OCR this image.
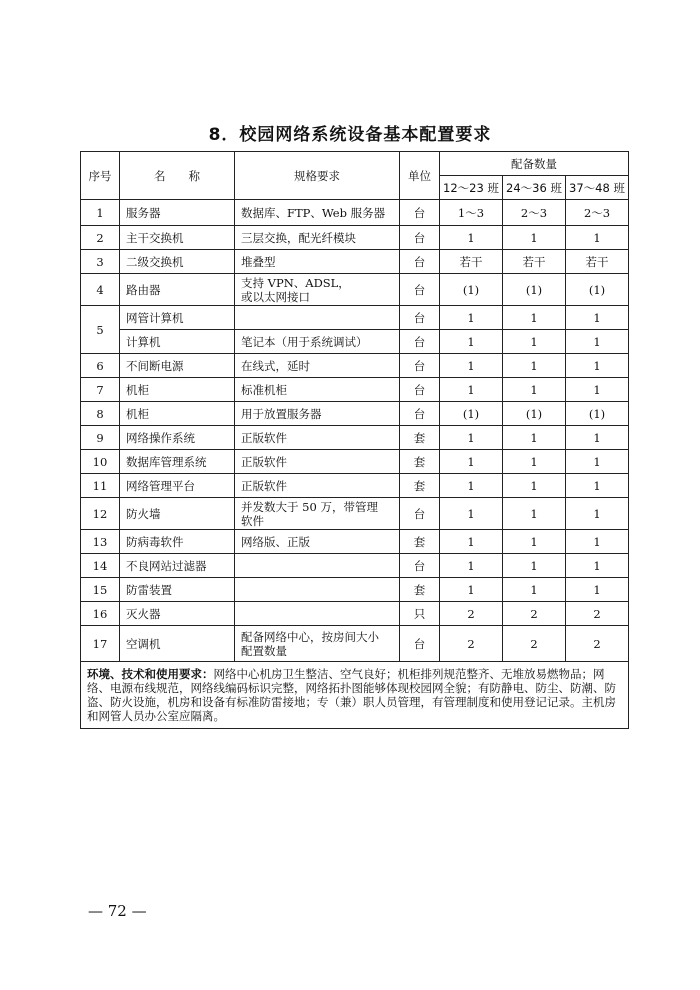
8．校园网络系统设备基本配置要求
序号	名　　称	规格要求	单位	配备数量		
				12～23 班	24～36 班	37～48 班
1	服务器	数据库、FTP、Web 服务器	台	1～3	2～3	2～3
2	主干交换机	三层交换，配光纤模块	台	1	1	1
3	二级交换机	堆叠型	台	若干	若干	若干
4	路由器	支持 VPN、ADSL，
或以太网接口	台	(1)	(1)	(1)
5	网管计算机		台	1	1	1
	计算机	笔记本（用于系统调试）	台	1	1	1
6	不间断电源	在线式，延时	台	1	1	1
7	机柜	标准机柜	台	1	1	1
8	机柜	用于放置服务器	台	(1)	(1)	(1)
9	网络操作系统	正版软件	套	1	1	1
10	数据库管理系统	正版软件	套	1	1	1
11	网络管理平台	正版软件	套	1	1	1
12	防火墙	并发数大于 50 万，带管理
软件	台	1	1	1
13	防病毒软件	网络版、正版	套	1	1	1
14	不良网站过滤器		台	1	1	1
15	防雷装置		套	1	1	1
16	灭火器		只	2	2	2
17	空调机	配备网络中心，按房间大小
配置数量	台	2	2	2
环境、技术和使用要求：网络中心机房卫生整洁、空气良好；机柜排列规范整齐、无堆放易燃物品；网络、电源布线规范，网络线编码标识完整，网络拓扑图能够体现校园网全貌；有防静电、防尘、防潮、防盗、防火设施，机房和设备有标准防雷接地；专（兼）职人员管理，有管理制度和使用登记记录。主机房和网管人员办公室应隔离。						
— 72 —
